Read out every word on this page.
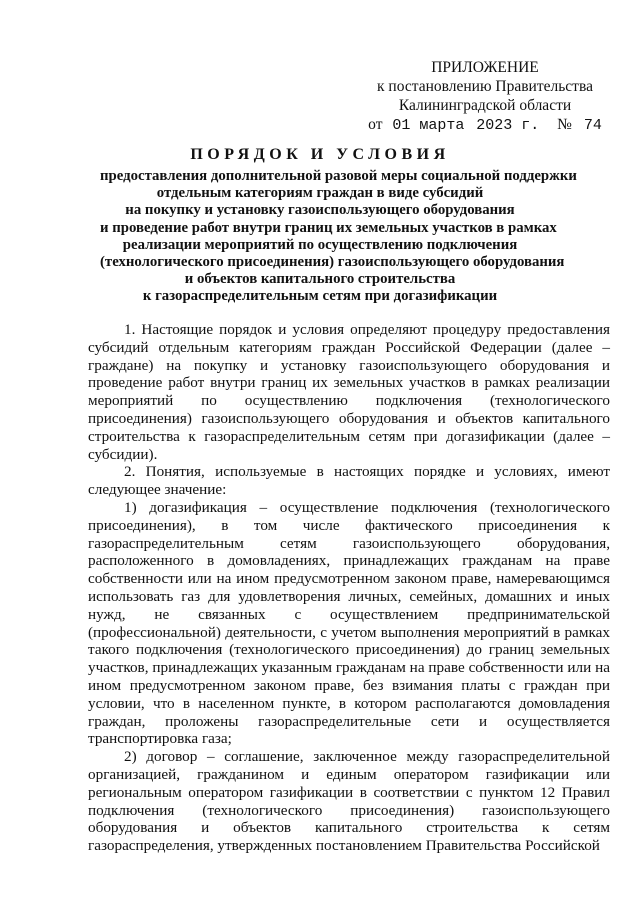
ПРИЛОЖЕНИЕ
к постановлению Правительства
Калининградской области
от 01 марта 2023 г. № 74
ПОРЯДОК И УСЛОВИЯ
предоставления дополнительной разовой меры социальной поддержки
отдельным категориям граждан в виде субсидий
на покупку и установку газоиспользующего оборудования
и проведение работ внутри границ их земельных участков в рамках
реализации мероприятий по осуществлению подключения
(технологического присоединения) газоиспользующего оборудования
и объектов капитального строительства
к газораспределительным сетям при догазификации

1. Настоящие порядок и условия определяют процедуру предоставления субсидий отдельным категориям граждан Российской Федерации (далее – граждане) на покупку и установку газоиспользующего оборудования и проведение работ внутри границ их земельных участков в рамках реализации мероприятий по осуществлению подключения (технологического присоединения) газоиспользующего оборудования и объектов капитального строительства к газораспределительным сетям при догазификации (далее – субсидии).

2. Понятия, используемые в настоящих порядке и условиях, имеют следующее значение:

1) догазификация – осуществление подключения (технологического присоединения), в том числе фактического присоединения к газораспределительным сетям газоиспользующего оборудования, расположенного в домовладениях, принадлежащих гражданам на праве собственности или на ином предусмотренном законом праве, намеревающимся использовать газ для удовлетворения личных, семейных, домашних и иных нужд, не связанных с осуществлением предпринимательской (профессиональной) деятельности, с учетом выполнения мероприятий в рамках такого подключения (технологического присоединения) до границ земельных участков, принадлежащих указанным гражданам на праве собственности или на ином предусмотренном законом праве, без взимания платы с граждан при условии, что в населенном пункте, в котором располагаются домовладения граждан, проложены газораспределительные сети и осуществляется транспортировка газа;

2) договор – соглашение, заключенное между газораспределительной организацией, гражданином и единым оператором газификации или региональным оператором газификации в соответствии с пунктом 12 Правил подключения (технологического присоединения) газоиспользующего оборудования и объектов капитального строительства к сетям газораспределения, утвержденных постановлением Правительства Российской
